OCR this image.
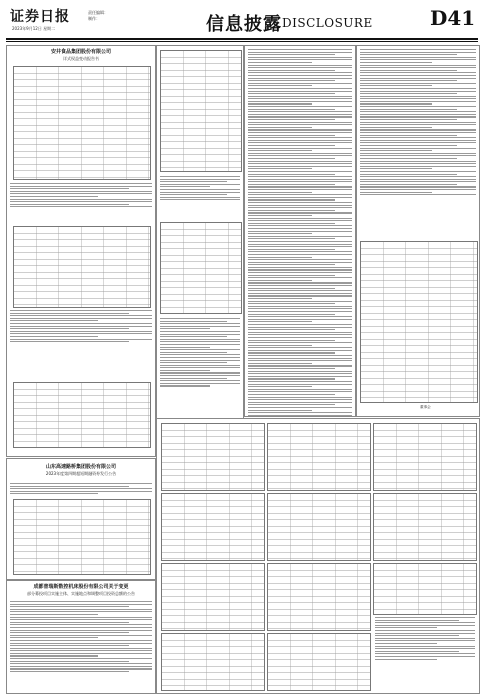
证券日报
2023年9月12日 星期二
责任编辑：
制作：	信息披露 DISCLOSURE	D41
安井食品集团股份有限公司
详式权益变动报告书
董事会
山东高速路桥集团股份有限公司
2023年度第四期超短期融资券发行公告
成都普瑞斯数控机床股份有限公司关于变更
部分募投项目实施主体、实施地点和调整项目投资总额的公告
